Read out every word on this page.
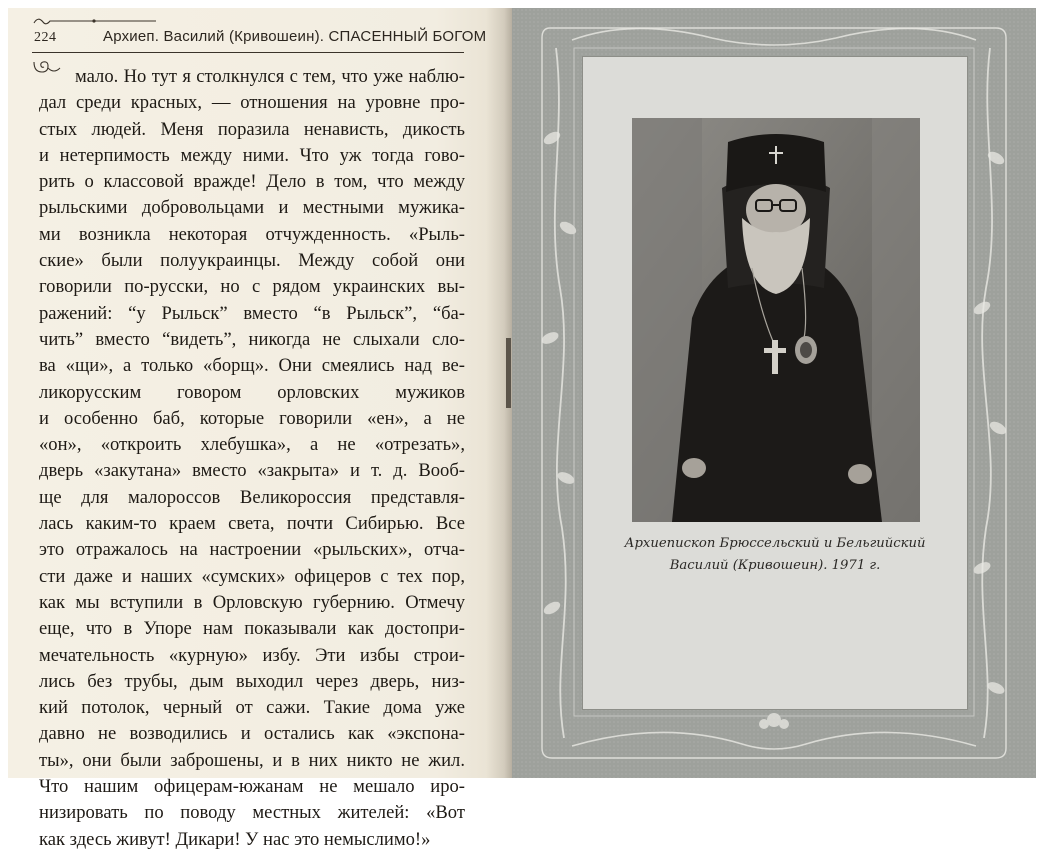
224	Архиеп. Василий (Кривошеин). СПАСЕННЫЙ БОГОМ
мало. Но тут я столкнулся с тем, что уже наблю-
дал среди красных, — отношения на уровне про-
стых людей. Меня поразила ненависть, дикость
и нетерпимость между ними. Что уж тогда гово-
рить о классовой вражде! Дело в том, что между
рыльскими добровольцами и местными мужика-
ми возникла некоторая отчужденность. «Рыль-
ские» были полуукраинцы. Между собой они
говорили по-русски, но с рядом украинских вы-
ражений: “у Рыльск” вместо “в Рыльск”, “ба-
чить” вместо “видеть”, никогда не слыхали сло-
ва «щи», а только «борщ». Они смеялись над ве-
ликорусским говором орловских мужиков
и особенно баб, которые говорили «ен», а не
«он», «откроить хлебушка», а не «отрезать»,
дверь «закутана» вместо «закрыта» и т. д. Вооб-
ще для малороссов Великороссия представля-
лась каким-то краем света, почти Сибирью. Все
это отражалось на настроении «рыльских», отча-
сти даже и наших «сумских» офицеров с тех пор,
как мы вступили в Орловскую губернию. Отмечу
еще, что в Упоре нам показывали как достопри-
мечательность «курную» избу. Эти избы строи-
лись без трубы, дым выходил через дверь, низ-
кий потолок, черный от сажи. Такие дома уже
давно не возводились и остались как «экспона-
ты», они были заброшены, и в них никто не жил.
Что нашим офицерам-южанам не мешало иро-
низировать по поводу местных жителей: «Вот
как здесь живут! Дикари! У нас это немыслимо!»
Архиепископ Брюссельский и Бельгийский
Василий (Кривошеин). 1971 г.
